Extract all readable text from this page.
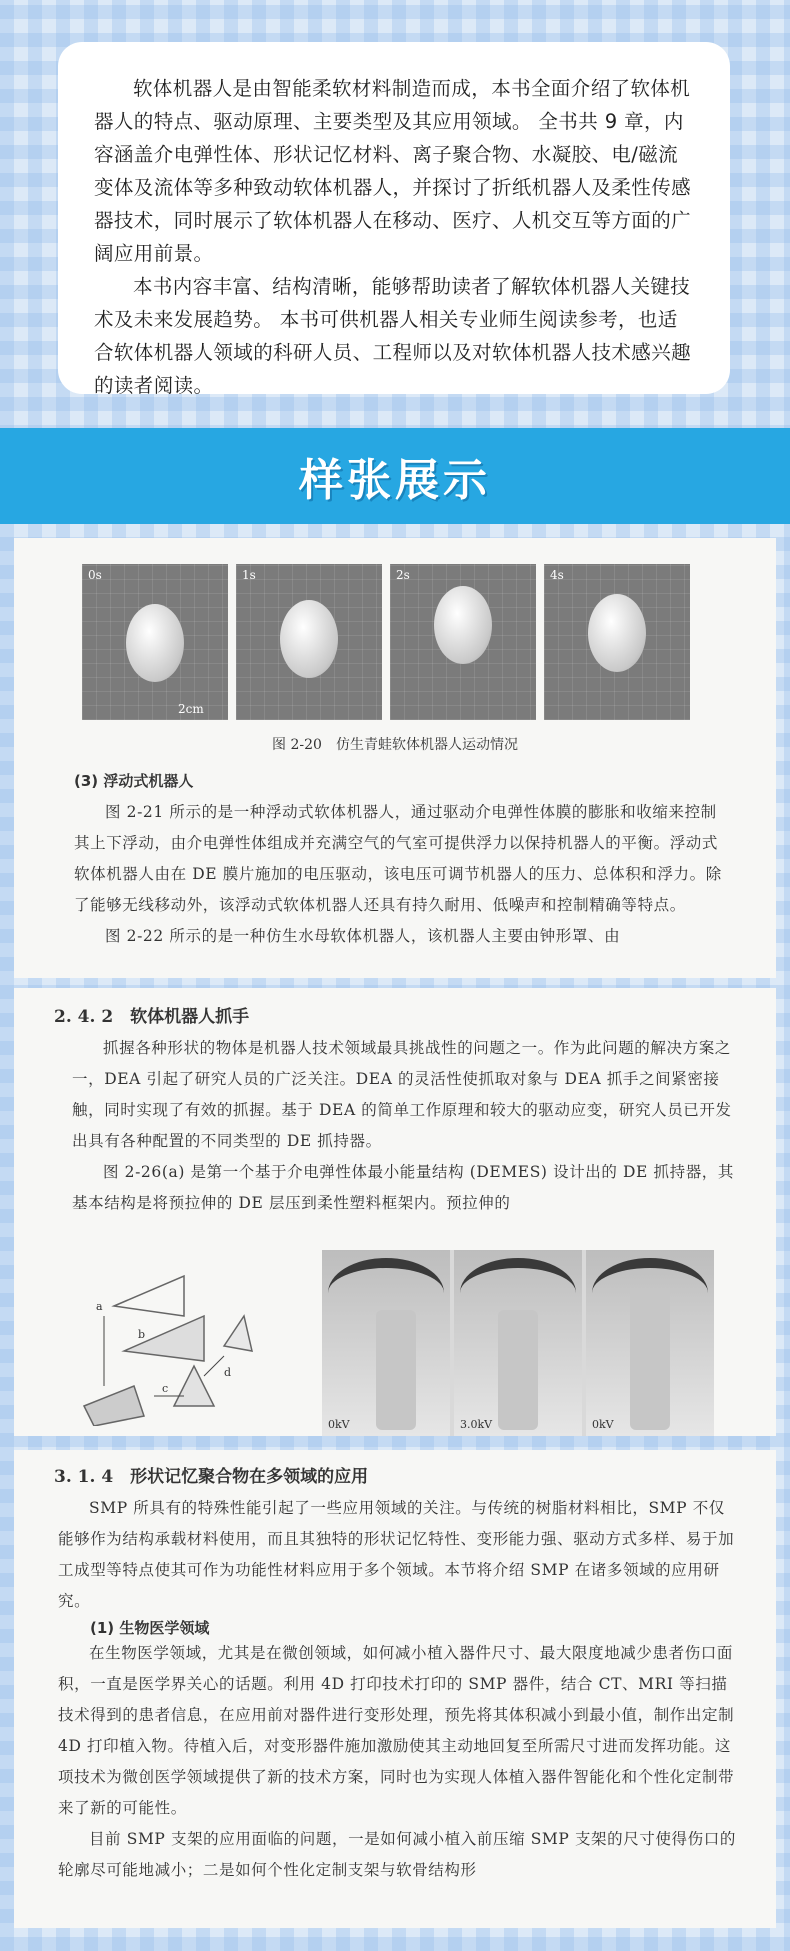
软体机器人是由智能柔软材料制造而成，本书全面介绍了软体机器人的特点、驱动原理、主要类型及其应用领域。 全书共 9 章，内容涵盖介电弹性体、形状记忆材料、离子聚合物、水凝胶、电/磁流变体及流体等多种致动软体机器人，并探讨了折纸机器人及柔性传感器技术，同时展示了软体机器人在移动、医疗、人机交互等方面的广阔应用前景。

本书内容丰富、结构清晰，能够帮助读者了解软体机器人关键技术及未来发展趋势。 本书可供机器人相关专业师生阅读参考，也适合软体机器人领域的科研人员、工程师以及对软体机器人技术感兴趣的读者阅读。

样张展示
0s
2cm
1s	2s	4s
图 2-20　仿生青蛙软体机器人运动情况
(3) 浮动式机器人

图 2-21 所示的是一种浮动式软体机器人，通过驱动介电弹性体膜的膨胀和收缩来控制其上下浮动，由介电弹性体组成并充满空气的气室可提供浮力以保持机器人的平衡。浮动式软体机器人由在 DE 膜片施加的电压驱动，该电压可调节机器人的压力、总体积和浮力。除了能够无线移动外，该浮动式软体机器人还具有持久耐用、低噪声和控制精确等特点。

图 2-22 所示的是一种仿生水母软体机器人，该机器人主要由钟形罩、由

2. 4. 2　软体机器人抓手

抓握各种形状的物体是机器人技术领域最具挑战性的问题之一。作为此问题的解决方案之一，DEA 引起了研究人员的广泛关注。DEA 的灵活性使抓取对象与 DEA 抓手之间紧密接触，同时实现了有效的抓握。基于 DEA 的简单工作原理和较大的驱动应变，研究人员已开发出具有各种配置的不同类型的 DE 抓持器。

图 2-26(a) 是第一个基于介电弹性体最小能量结构 (DEMES) 设计出的 DE 抓持器，其基本结构是将预拉伸的 DE 层压到柔性塑料框架内。预拉伸的

a
b
c
d
0kV	3.0kV	0kV
3. 1. 4　形状记忆聚合物在多领域的应用

SMP 所具有的特殊性能引起了一些应用领域的关注。与传统的树脂材料相比，SMP 不仅能够作为结构承载材料使用，而且其独特的形状记忆特性、变形能力强、驱动方式多样、易于加工成型等特点使其可作为功能性材料应用于多个领域。本节将介绍 SMP 在诸多领域的应用研究。

(1) 生物医学领域

在生物医学领域，尤其是在微创领域，如何减小植入器件尺寸、最大限度地减少患者伤口面积，一直是医学界关心的话题。利用 4D 打印技术打印的 SMP 器件，结合 CT、MRI 等扫描技术得到的患者信息，在应用前对器件进行变形处理，预先将其体积减小到最小值，制作出定制 4D 打印植入物。待植入后，对变形器件施加激励使其主动地回复至所需尺寸进而发挥功能。这项技术为微创医学领域提供了新的技术方案，同时也为实现人体植入器件智能化和个性化定制带来了新的可能性。

目前 SMP 支架的应用面临的问题，一是如何减小植入前压缩 SMP 支架的尺寸使得伤口的轮廓尽可能地减小；二是如何个性化定制支架与软骨结构形
